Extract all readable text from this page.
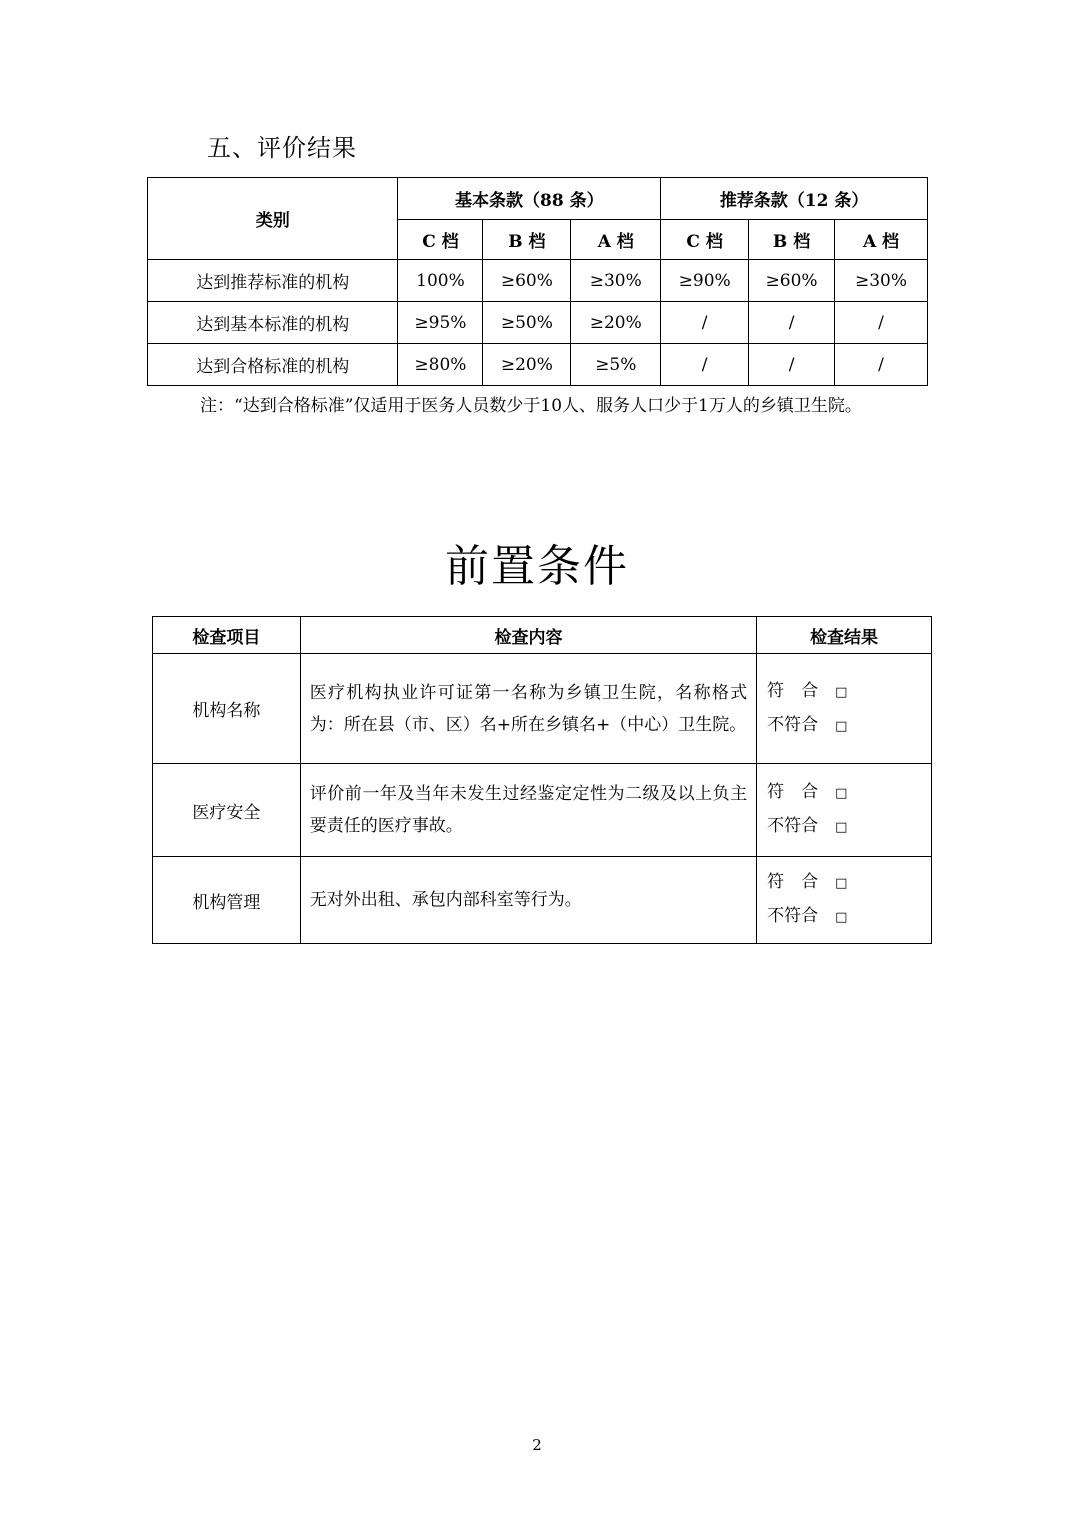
五、评价结果
类别	基本条款（88 条）			推荐条款（12 条）		
	C 档	B 档	A 档	C 档	B 档	A 档
达到推荐标准的机构	100%	≥60%	≥30%	≥90%	≥60%	≥30%
达到基本标准的机构	≥95%	≥50%	≥20%	/	/	/
达到合格标准的机构	≥80%	≥20%	≥5%	/	/	/
注：“达到合格标准”仅适用于医务人员数少于10人、服务人口少于1万人的乡镇卫生院。
前置条件
检查项目	检查内容	检查结果
机构名称	医疗机构执业许可证第一名称为乡镇卫生院，名称格式为：所在县（市、区）名+所在乡镇名+（中心）卫生院。	符　合 □
不符合 □

医疗安全	评价前一年及当年未发生过经鉴定定性为二级及以上负主要责任的医疗事故。	符　合 □
不符合 □

机构管理	无对外出租、承包内部科室等行为。	符　合 □
不符合 □
2
